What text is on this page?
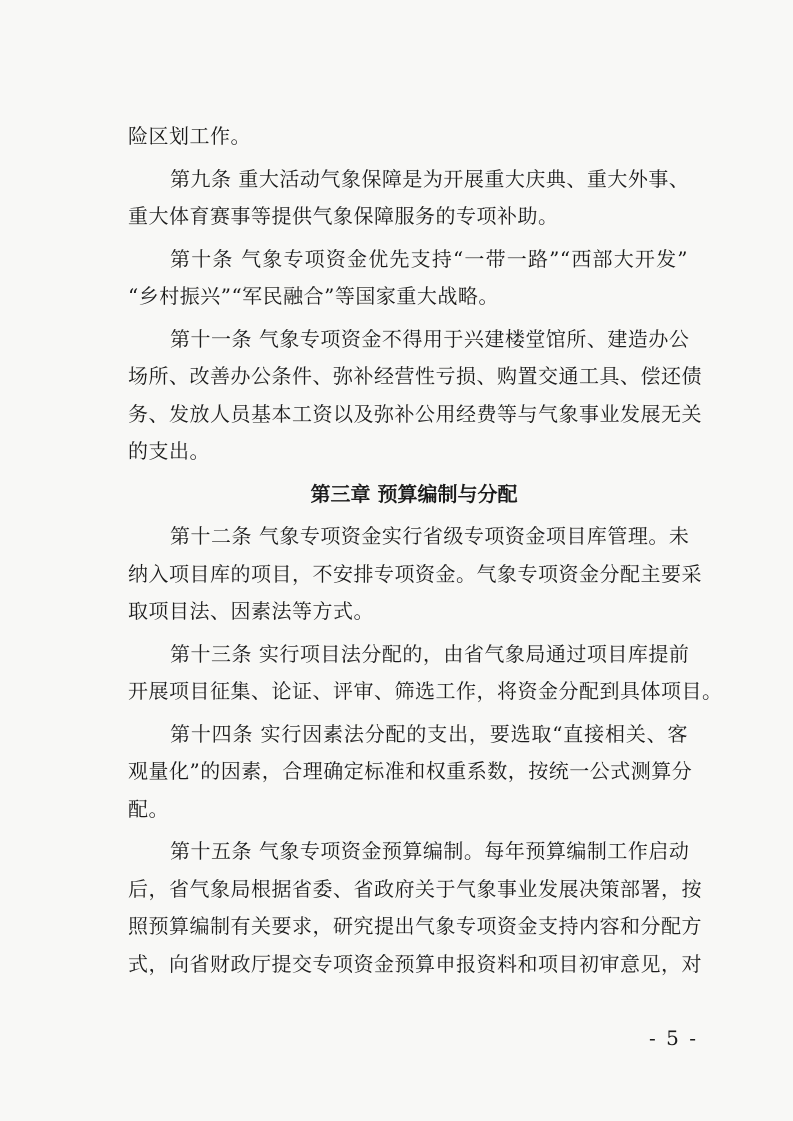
险区划工作。
第九条 重大活动气象保障是为开展重大庆典、重大外事、
重大体育赛事等提供气象保障服务的专项补助。
第十条 气象专项资金优先支持“一带一路”“西部大开发”
“乡村振兴”“军民融合”等国家重大战略。
第十一条 气象专项资金不得用于兴建楼堂馆所、建造办公
场所、改善办公条件、弥补经营性亏损、购置交通工具、偿还债
务、发放人员基本工资以及弥补公用经费等与气象事业发展无关
的支出。
第三章 预算编制与分配
第十二条 气象专项资金实行省级专项资金项目库管理。未
纳入项目库的项目，不安排专项资金。气象专项资金分配主要采
取项目法、因素法等方式。
第十三条 实行项目法分配的，由省气象局通过项目库提前
开展项目征集、论证、评审、筛选工作，将资金分配到具体项目。
第十四条 实行因素法分配的支出，要选取“直接相关、客
观量化”的因素，合理确定标准和权重系数，按统一公式测算分
配。
第十五条 气象专项资金预算编制。每年预算编制工作启动
后，省气象局根据省委、省政府关于气象事业发展决策部署，按
照预算编制有关要求，研究提出气象专项资金支持内容和分配方
式，向省财政厅提交专项资金预算申报资料和项目初审意见，对
- 5 -
